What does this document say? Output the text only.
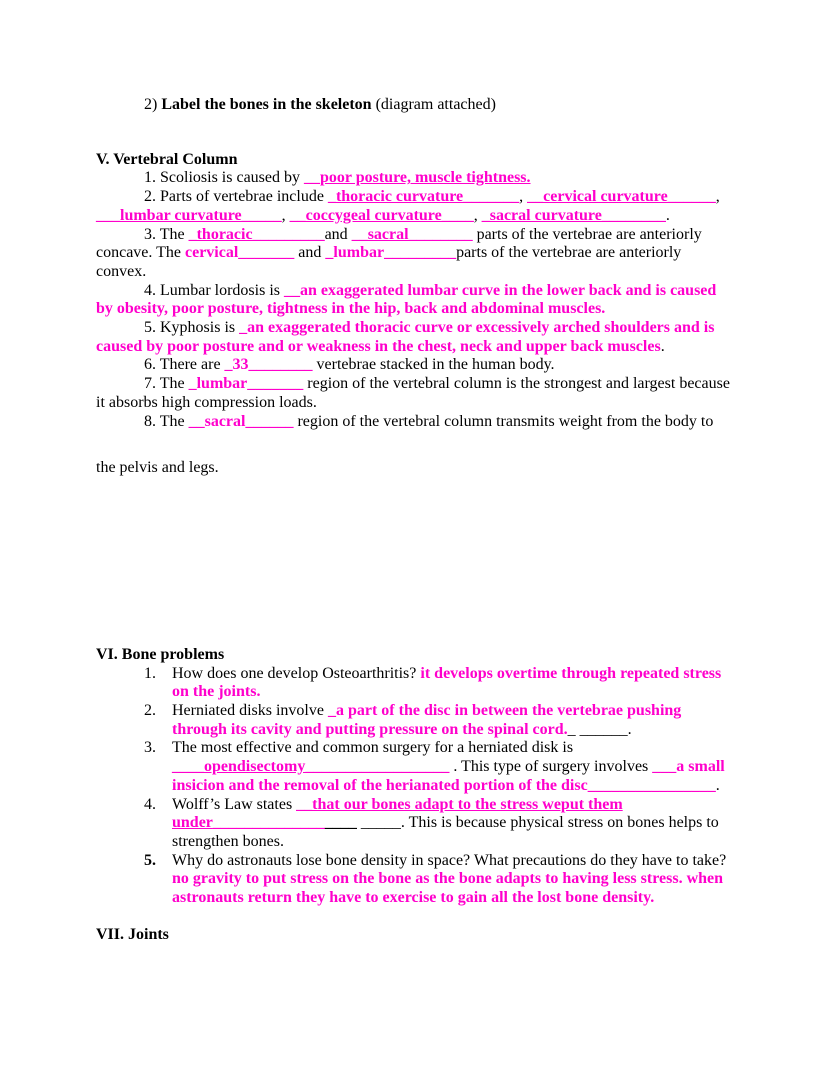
2) Label the bones in the skeleton (diagram attached)
V. Vertebral Column
1. Scoliosis is caused by __poor posture, muscle tightness.
2. Parts of vertebrae include _thoracic curvature_______, __cervical curvature______, ___lumbar curvature_____, __coccygeal curvature____, _sacral curvature________.
3. The _thoracic_________and __sacral________ parts of the vertebrae are anteriorly concave. The cervical_______ and _lumbar_________parts of the vertebrae are anteriorly convex.
4. Lumbar lordosis is __an exaggerated lumbar curve in the lower back and is caused by obesity, poor posture, tightness in the hip, back and abdominal muscles.
5. Kyphosis is _an exaggerated thoracic curve or excessively arched shoulders and is caused by poor posture and or weakness in the chest, neck and upper back muscles.
6. There are _33________ vertebrae stacked in the human body.
7. The _lumbar_______ region of the vertebral column is the strongest and largest because it absorbs high compression loads.
8. The __sacral______ region of the vertebral column transmits weight from the body to
the pelvis and legs.
VI. Bone problems
1.	How does one develop Osteoarthritis? it develops overtime through repeated stress on the joints.
2.	Herniated disks involve _a part of the disc in between the vertebrae pushing through its cavity and putting pressure on the spinal cord._ ______.
3.	The most effective and common surgery for a herniated disk is ____opendisectomy__________________ . This type of surgery involves ___a small insicion and the removal of the herianated portion of the disc________________.
4.	Wolff’s Law states __that our bones adapt to the stress weput them under__________________ _____. This is because physical stress on bones helps to strengthen bones.
5.	Why do astronauts lose bone density in space? What precautions do they have to take? no gravity to put stress on the bone as the bone adapts to having less stress. when astronauts return they have to exercise to gain all the lost bone density.
VII. Joints
